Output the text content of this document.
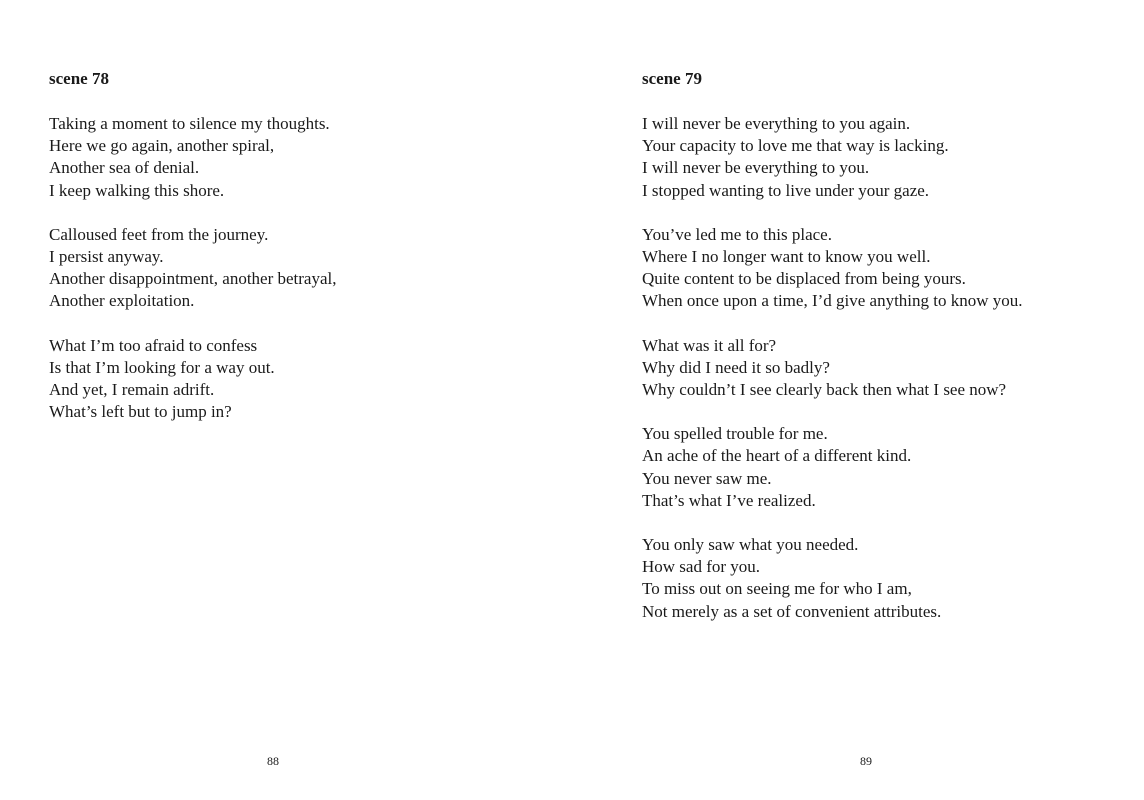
scene 78
Taking a moment to silence my thoughts.
Here we go again, another spiral,
Another sea of denial.
I keep walking this shore.
Calloused feet from the journey.
I persist anyway.
Another disappointment, another betrayal,
Another exploitation.
What I’m too afraid to confess
Is that I’m looking for a way out.
And yet, I remain adrift.
What’s left but to jump in?
88
scene 79
I will never be everything to you again.
Your capacity to love me that way is lacking.
I will never be everything to you.
I stopped wanting to live under your gaze.
You’ve led me to this place.
Where I no longer want to know you well.
Quite content to be displaced from being yours.
When once upon a time, I’d give anything to know you.
What was it all for?
Why did I need it so badly?
Why couldn’t I see clearly back then what I see now?
You spelled trouble for me.
An ache of the heart of a different kind.
You never saw me.
That’s what I’ve realized.
You only saw what you needed.
How sad for you.
To miss out on seeing me for who I am,
Not merely as a set of convenient attributes.
89
